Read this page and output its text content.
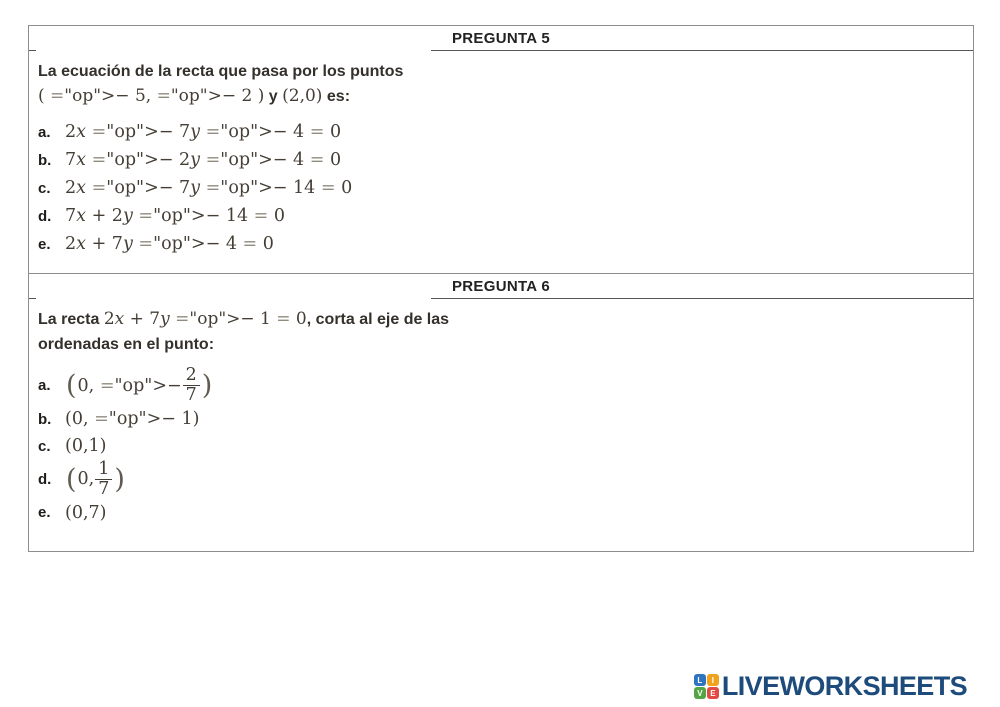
PREGUNTA 5
La ecuación de la recta que pasa por los puntos
( ="op">− 5, ="op">− 2 ) y (2,0) es:
a. 2x ="op">− 7y ="op">− 4 = 0
b. 7x ="op">− 2y ="op">− 4 = 0
c. 2x ="op">− 7y ="op">− 14 = 0
d. 7x + 2y ="op">− 14 = 0
e. 2x + 7y ="op">− 4 = 0
PREGUNTA 6
La recta 2x + 7y ="op">− 1 = 0, corta al eje de las
ordenadas en el punto:
a. ( 0, ="op">− $\frac{2}{7}$ )
b. (0, ="op">− 1)
c. (0,1)
d. ( 0, $\frac{1}{7}$ )
e. (0,7)
L	I
V E LIVEWORKSHEETS
